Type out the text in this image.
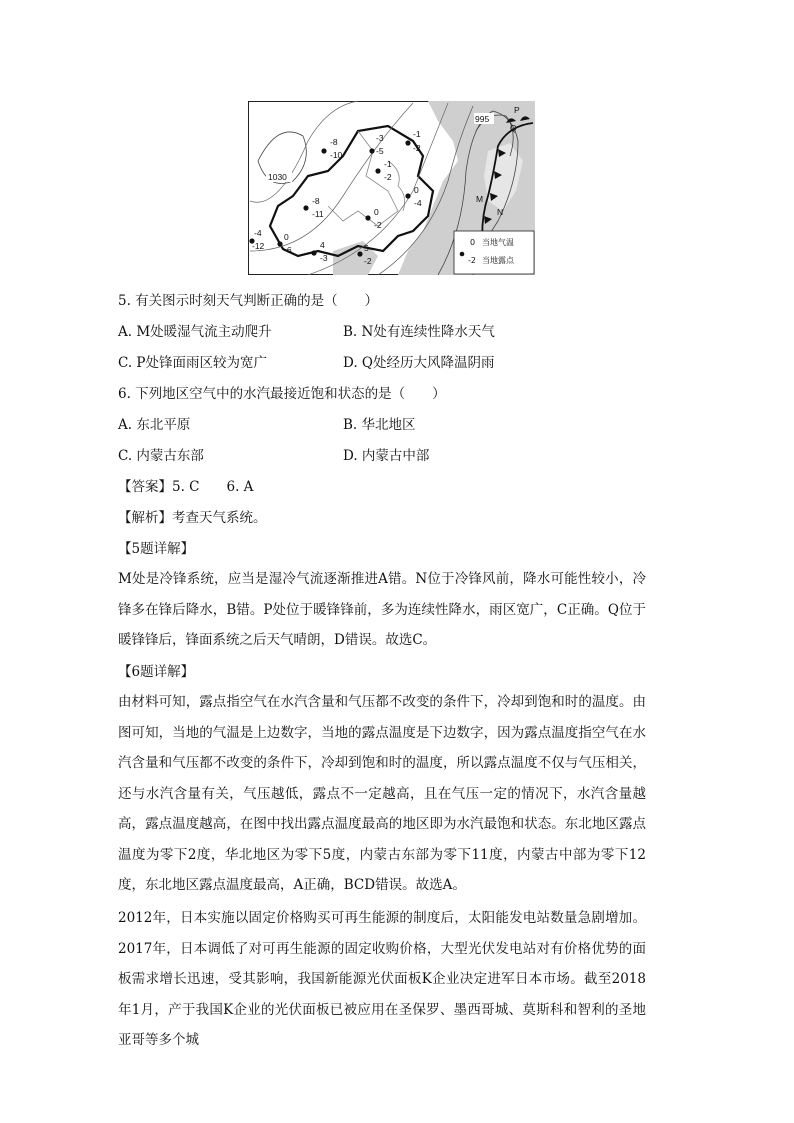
1030
995
P
Q
M
N
-8
-10
-3
-5
-1
-2
-1
-2
-8
-11
0
-4
0
-2
-4
-12
0
-6	4
-3
5
-2
0 当地气温
-2 当地露点
5. 有关图示时刻天气判断正确的是（　　）
A. M处暖湿气流主动爬升	B. N处有连续性降水天气
C. P处锋面雨区较为宽广	D. Q处经历大风降温阴雨
6. 下列地区空气中的水汽最接近饱和状态的是（　　）
A. 东北平原	B. 华北地区
C. 内蒙古东部	D. 内蒙古中部
【答案】5. C　　6. A
【解析】考查天气系统。
【5题详解】
M处是冷锋系统，应当是湿冷气流逐渐推进A错。N位于冷锋风前，降水可能性较小，冷锋多在锋后降水，B错。P处位于暖锋锋前，多为连续性降水，雨区宽广，C正确。Q位于暖锋锋后，锋面系统之后天气晴朗，D错误。故选C。
【6题详解】
由材料可知，露点指空气在水汽含量和气压都不改变的条件下，冷却到饱和时的温度。由图可知，当地的气温是上边数字，当地的露点温度是下边数字，因为露点温度指空气在水汽含量和气压都不改变的条件下，冷却到饱和时的温度，所以露点温度不仅与气压相关，还与水汽含量有关，气压越低，露点不一定越高，且在气压一定的情况下，水汽含量越高，露点温度越高，在图中找出露点温度最高的地区即为水汽最饱和状态。东北地区露点温度为零下2度，华北地区为零下5度，内蒙古东部为零下11度，内蒙古中部为零下12度，东北地区露点温度最高，A正确，BCD错误。故选A。
2012年，日本实施以固定价格购买可再生能源的制度后，太阳能发电站数量急剧增加。2017年，日本调低了对可再生能源的固定收购价格，大型光伏发电站对有价格优势的面板需求增长迅速，受其影响，我国新能源光伏面板K企业决定进军日本市场。截至2018年1月，产于我国K企业的光伏面板已被应用在圣保罗、墨西哥城、莫斯科和智利的圣地亚哥等多个城
